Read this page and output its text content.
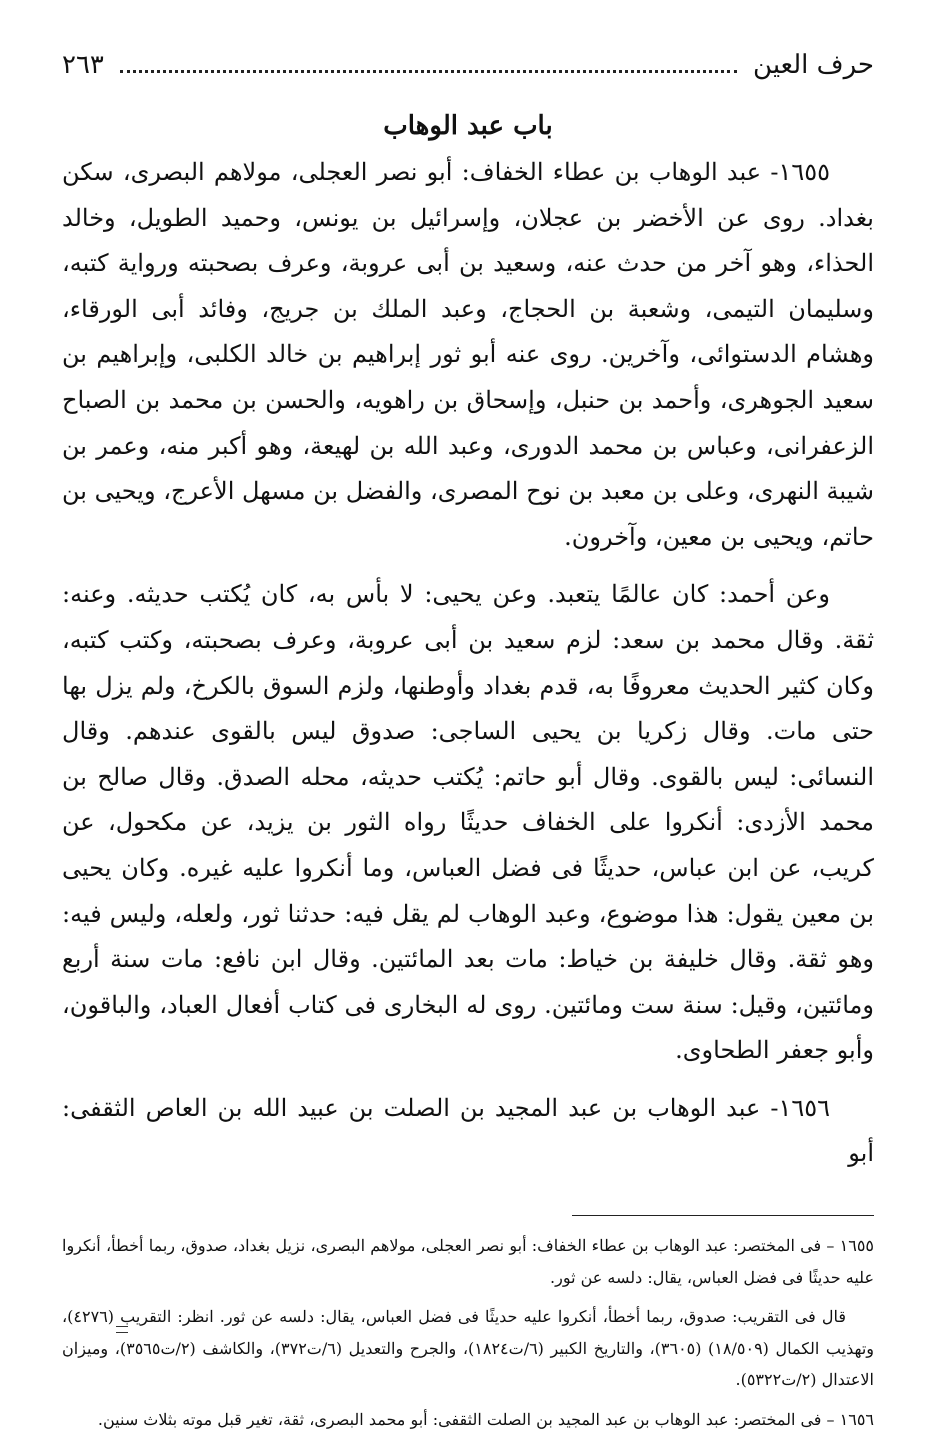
حرف العين
٢٦٣
باب عبد الوهاب

١٦٥٥- عبد الوهاب بن عطاء الخفاف: أبو نصر العجلى، مولاهم البصرى، سكن بغداد. روى عن الأخضر بن عجلان، وإسرائيل بن يونس، وحميد الطويل، وخالد الحذاء، وهو آخر من حدث عنه، وسعيد بن أبى عروبة، وعرف بصحبته ورواية كتبه، وسليمان التيمى، وشعبة بن الحجاج، وعبد الملك بن جريج، وفائد أبى الورقاء، وهشام الدستوائى، وآخرين. روى عنه أبو ثور إبراهيم بن خالد الكلبى، وإبراهيم بن سعيد الجوهرى، وأحمد بن حنبل، وإسحاق بن راهويه، والحسن بن محمد بن الصباح الزعفرانى، وعباس بن محمد الدورى، وعبد الله بن لهيعة، وهو أكبر منه، وعمر بن شيبة النهرى، وعلى بن معبد بن نوح المصرى، والفضل بن مسهل الأعرج، ويحيى بن حاتم، ويحيى بن معين، وآخرون.

وعن أحمد: كان عالمًا يتعبد. وعن يحيى: لا بأس به، كان يُكتب حديثه. وعنه: ثقة. وقال محمد بن سعد: لزم سعيد بن أبى عروبة، وعرف بصحبته، وكتب كتبه، وكان كثير الحديث معروفًا به، قدم بغداد وأوطنها، ولزم السوق بالكرخ، ولم يزل بها حتى مات. وقال زكريا بن يحيى الساجى: صدوق ليس بالقوى عندهم. وقال النسائى: ليس بالقوى. وقال أبو حاتم: يُكتب حديثه، محله الصدق. وقال صالح بن محمد الأزدى: أنكروا على الخفاف حديثًا رواه الثور بن يزيد، عن مكحول، عن كريب، عن ابن عباس، حديثًا فى فضل العباس، وما أنكروا عليه غيره. وكان يحيى بن معين يقول: هذا موضوع، وعبد الوهاب لم يقل فيه: حدثنا ثور، ولعله، وليس فيه: وهو ثقة. وقال خليفة بن خياط: مات بعد المائتين. وقال ابن نافع: مات سنة أربع ومائتين، وقيل: سنة ست ومائتين. روى له البخارى فى كتاب أفعال العباد، والباقون، وأبو جعفر الطحاوى.

١٦٥٦- عبد الوهاب بن عبد المجيد بن الصلت بن عبيد الله بن العاص الثقفى: أبو

١٦٥٥ – فى المختصر: عبد الوهاب بن عطاء الخفاف: أبو نصر العجلى، مولاهم البصرى، نزيل بغداد، صدوق، ربما أخطأ، أنكروا عليه حديثًا فى فضل العباس، يقال: دلسه عن ثور.

قال فى التقريب: صدوق، ربما أخطأ، أنكروا عليه حديثًا فى فضل العباس، يقال: دلسه عن ثور. انظر: التقريب (٤٢٧٦)، وتهذيب الكمال (١٨/٥٠٩) (٣٦٠٥)، والتاريخ الكبير (٦/ت١٨٢٤)، والجرح والتعديل (٦/ت٣٧٢)، والكاشف (٢/ت٣٥٦٥)، وميزان الاعتدال (٢/ت٥٣٢٢).

١٦٥٦ – فى المختصر: عبد الوهاب بن عبد المجيد بن الصلت الثقفى: أبو محمد البصرى، ثقة، تغير قبل موته بثلاث سنين.
